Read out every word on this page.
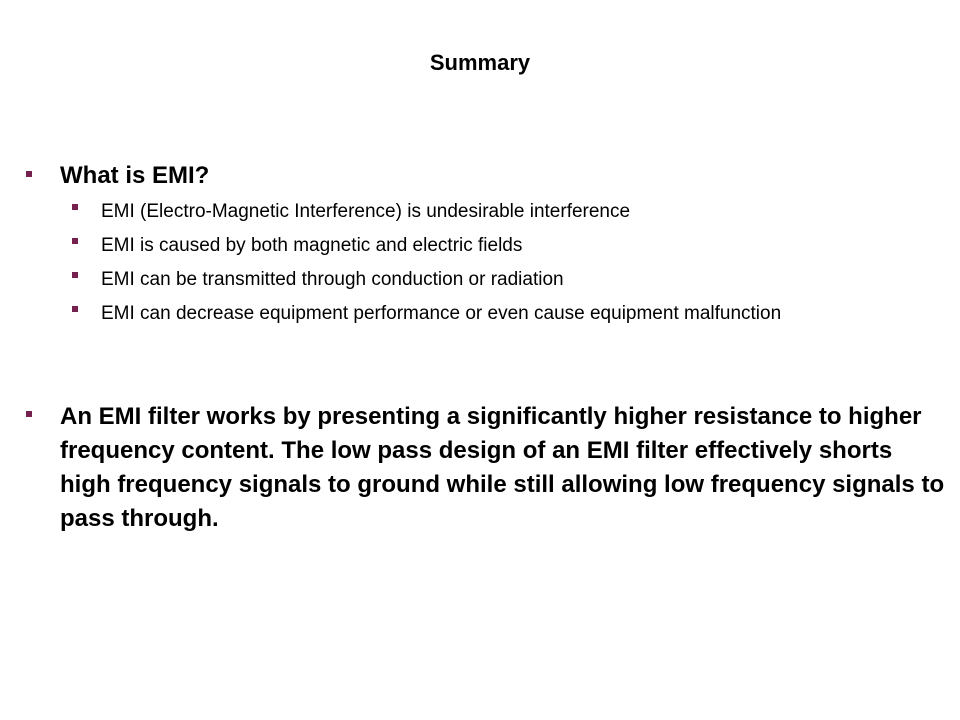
Summary
What is EMI?
EMI (Electro-Magnetic Interference) is undesirable interference
EMI is caused by both magnetic and electric fields
EMI can be transmitted through conduction or radiation
EMI can decrease equipment performance or even cause equipment malfunction
An EMI filter works by presenting a significantly higher resistance to higher frequency content. The low pass design of an EMI filter effectively shorts high frequency signals to ground while still allowing low frequency signals to pass through.
